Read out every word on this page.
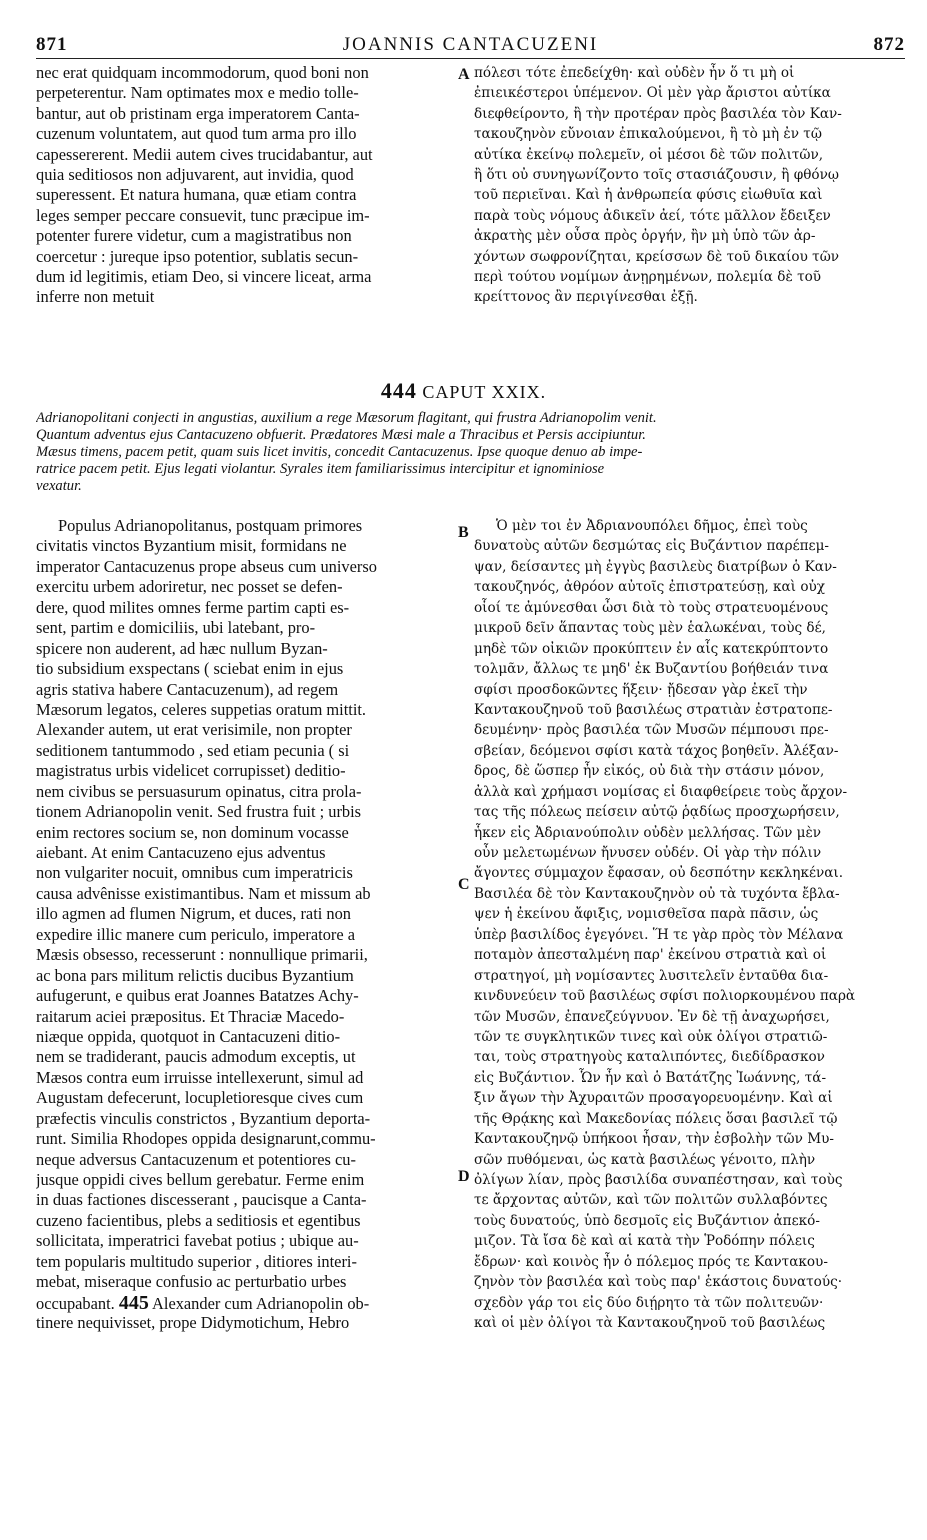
871	JOANNIS CANTACUZENI	872
A
B
C
D
nec erat quidquam incommodorum, quod boni non
perpeterentur. Nam optimates mox e medio tolle-
bantur, aut ob pristinam erga imperatorem Canta-
cuzenum voluntatem, aut quod tum arma pro illo
capessererent. Medii autem cives trucidabantur, aut
quia seditiosos non adjuvarent, aut invidia, quod
superessent. Et natura humana, quæ etiam contra
leges semper peccare consuevit, tunc præcipue im-
potenter furere videtur, cum a magistratibus non
coercetur : jureque ipso potentior, sublatis secun-
dum id legitimis, etiam Deo, si vincere liceat, arma
inferre non metuit
πόλεσι τότε ἐπεδείχθη· καὶ οὐδὲν ἦν ὅ τι μὴ οἱ
ἐπιεικέστεροι ὑπέμενον. Οἱ μὲν γὰρ ἄριστοι αὐτίκα
διεφθείροντο, ἢ τὴν προτέραν πρὸς βασιλέα τὸν Καν-
τακουζηνὸν εὔνοιαν ἐπικαλούμενοι, ἢ τὸ μὴ ἐν τῷ
αὐτίκα ἐκείνῳ πολεμεῖν, οἱ μέσοι δὲ τῶν πολιτῶν,
ἢ ὅτι οὐ συνηγωνίζοντο τοῖς στασιάζουσιν, ἢ φθόνῳ
τοῦ περιεῖναι. Καὶ ἡ ἀνθρωπεία φύσις εἰωθυῖα καὶ
παρὰ τοὺς νόμους ἀδικεῖν ἀεί, τότε μᾶλλον ἔδειξεν
ἀκρατὴς μὲν οὖσα πρὸς ὀργήν, ἢν μὴ ὑπὸ τῶν ἀρ-
χόντων σωφρονίζηται, κρείσσων δὲ τοῦ δικαίου τῶν
περὶ τούτου νομίμων ἀνῃρημένων, πολεμία δὲ τοῦ
κρείττονος ἂν περιγίνεσθαι ἐξῇ.
444 CAPUT XXIX.
Adrianopolitani conjecti in angustias, auxilium a rege Mæsorum flagitant, qui frustra Adrianopolim venit.
Quantum adventus ejus Cantacuzeno obfuerit. Prædatores Mæsi male a Thracibus et Persis accipiuntur.
Mæsus timens, pacem petit, quam suis licet invitis, concedit Cantacuzenus. Ipse quoque denuo ab impe-
ratrice pacem petit. Ejus legati violantur. Syrales item familiarissimus intercipitur et ignominiose
vexatur.
Populus Adrianopolitanus, postquam primores
civitatis vinctos Byzantium misit, formidans ne
imperator Cantacuzenus prope abseus cum universo
exercitu urbem adoriretur, nec posset se defen-
dere, quod milites omnes ferme partim capti es-
sent, partim e domiciliis, ubi latebant, pro-
spicere non auderent, ad hæc nullum Byzan-
tio subsidium exspectans ( sciebat enim in ejus
agris stativa habere Cantacuzenum), ad regem
Mæsorum legatos, celeres suppetias oratum mittit.
Alexander autem, ut erat verisimile, non propter
seditionem tantummodo , sed etiam pecunia ( si
magistratus urbis videlicet corrupisset) deditio-
nem civibus se persuasurum opinatus, citra prola-
tionem Adrianopolin venit. Sed frustra fuit ; urbis
enim rectores socium se, non dominum vocasse
aiebant. At enim Cantacuzeno ejus adventus
non vulgariter nocuit, omnibus cum imperatricis
causa advênisse existimantibus. Nam et missum ab
illo agmen ad flumen Nigrum, et duces, rati non
expedire illic manere cum periculo, imperatore a
Mæsis obsesso, recesserunt : nonnullique primarii,
ac bona pars militum relictis ducibus Byzantium
aufugerunt, e quibus erat Joannes Batatzes Achy-
raitarum aciei præpositus. Et Thraciæ Macedo-
niæque oppida, quotquot in Cantacuzeni ditio-
nem se tradiderant, paucis admodum exceptis, ut
Mæsos contra eum irruisse intellexerunt, simul ad
Augustam defecerunt, locupletioresque cives cum
præfectis vinculis constrictos , Byzantium deporta-
runt. Similia Rhodopes oppida designarunt,commu-
neque adversus Cantacuzenum et potentiores cu-
jusque oppidi cives bellum gerebatur. Ferme enim
in duas factiones discesserant , paucisque a Canta-
cuzeno facientibus, plebs a seditiosis et egentibus
sollicitata, imperatrici favebat potius ; ubique au-
tem popularis multitudo superior , ditiores interi-
mebat, miseraque confusio ac perturbatio urbes
occupabant. 445 Alexander cum Adrianopolin ob-
tinere nequivisset, prope Didymotichum, Hebro
Ὁ μὲν τοι ἐν Ἀδριανουπόλει δῆμος, ἐπεὶ τοὺς
δυνατοὺς αὐτῶν δεσμώτας εἰς Βυζάντιον παρέπεμ-
ψαν, δείσαντες μὴ ἐγγὺς βασιλεὺς διατρίβων ὁ Καν-
τακουζηνός, ἀθρόον αὐτοῖς ἐπιστρατεύσῃ, καὶ οὐχ
οἷοί τε ἀμύνεσθαι ὦσι διὰ τὸ τοὺς στρατευομένους
μικροῦ δεῖν ἅπαντας τοὺς μὲν ἑαλωκέναι, τοὺς δέ,
μηδὲ τῶν οἰκιῶν προκύπτειν ἐν αἷς κατεκρύπτοντο
τολμᾶν, ἄλλως τε μηδ' ἐκ Βυζαντίου βοήθειάν τινα
σφίσι προσδοκῶντες ἥξειν· ᾔδεσαν γὰρ ἐκεῖ τὴν
Καντακουζηνοῦ τοῦ βασιλέως στρατιὰν ἐστρατοπε-
δευμένην· πρὸς βασιλέα τῶν Μυσῶν πέμπουσι πρε-
σβείαν, δεόμενοι σφίσι κατὰ τάχος βοηθεῖν. Ἀλέξαν-
δρος, δὲ ὥσπερ ἦν εἰκός, οὐ διὰ τὴν στάσιν μόνον,
ἀλλὰ καὶ χρήμασι νομίσας εἰ διαφθείρειε τοὺς ἄρχον-
τας τῆς πόλεως πείσειν αὐτῷ ῥᾳδίως προσχωρήσειν,
ἧκεν εἰς Ἀδριανούπολιν οὐδὲν μελλήσας. Τῶν μὲν
οὖν μελετωμένων ἤνυσεν οὐδέν. Οἱ γὰρ τὴν πόλιν
ἄγοντες σύμμαχον ἔφασαν, οὐ δεσπότην κεκληκέναι.
Βασιλέα δὲ τὸν Καντακουζηνὸν οὐ τὰ τυχόντα ἔβλα-
ψεν ἡ ἐκείνου ἄφιξις, νομισθεῖσα παρὰ πᾶσιν, ὡς
ὑπὲρ βασιλίδος ἐγεγόνει. Ἥ τε γὰρ πρὸς τὸν Μέλανα
ποταμὸν ἀπεσταλμένη παρ' ἐκείνου στρατιὰ καὶ οἱ
στρατηγοί, μὴ νομίσαντες λυσιτελεῖν ἐνταῦθα δια-
κινδυνεύειν τοῦ βασιλέως σφίσι πολιορκουμένου παρὰ
τῶν Μυσῶν, ἐπανεζεύγνυον. Ἐν δὲ τῇ ἀναχωρήσει,
τῶν τε συγκλητικῶν τινες καὶ οὐκ ὀλίγοι στρατιῶ-
ται, τοὺς στρατηγοὺς καταλιπόντες, διεδίδρασκον
εἰς Βυζάντιον. Ὧν ἦν καὶ ὁ Βατάτζης Ἰωάννης, τά-
ξιν ἄγων τὴν Ἀχυραιτῶν προσαγορευομένην. Καὶ αἱ
τῆς Θρᾴκης καὶ Μακεδονίας πόλεις ὅσαι βασιλεῖ τῷ
Καντακουζηνῷ ὑπήκοοι ἦσαν, τὴν ἐσβολὴν τῶν Μυ-
σῶν πυθόμεναι, ὡς κατὰ βασιλέως γένοιτο, πλὴν
ὀλίγων λίαν, πρὸς βασιλίδα συναπέστησαν, καὶ τοὺς
τε ἄρχοντας αὐτῶν, καὶ τῶν πολιτῶν συλλαβόντες
τοὺς δυνατούς, ὑπὸ δεσμοῖς εἰς Βυζάντιον ἀπεκό-
μιζον. Τὰ ἴσα δὲ καὶ αἱ κατὰ τὴν Ῥοδόπην πόλεις
ἔδρων· καὶ κοινὸς ἦν ὁ πόλεμος πρός τε Καντακου-
ζηνὸν τὸν βασιλέα καὶ τοὺς παρ' ἑκάστοις δυνατούς·
σχεδὸν γάρ τοι εἰς δύο διῄρητο τὰ τῶν πολιτευῶν·
καὶ οἱ μὲν ὀλίγοι τὰ Καντακουζηνοῦ τοῦ βασιλέως
